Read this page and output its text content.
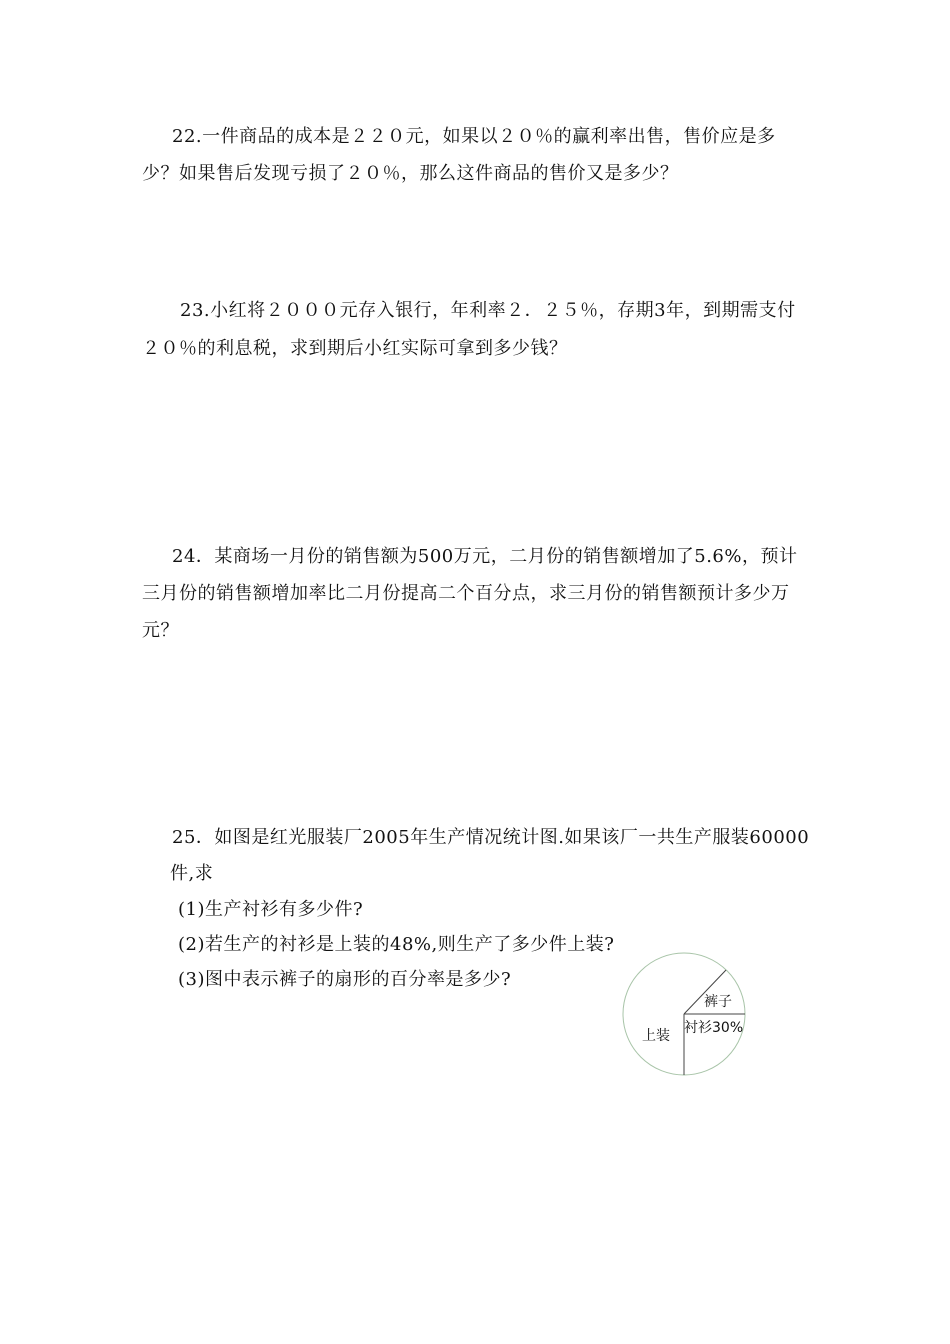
22.一件商品的成本是２２０元，如果以２０％的赢利率出售，售价应是多
少？如果售后发现亏损了２０％，那么这件商品的售价又是多少？
23.小红将２０００元存入银行，年利率２．２５％，存期3年，到期需支付
２０％的利息税，求到期后小红实际可拿到多少钱？
24．某商场一月份的销售额为500万元，二月份的销售额增加了5.6%，预计
三月份的销售额增加率比二月份提高二个百分点，求三月份的销售额预计多少万
元？
25．如图是红光服装厂2005年生产情况统计图.如果该厂一共生产服装60000
件,求
(1)生产衬衫有多少件?
(2)若生产的衬衫是上装的48%,则生产了多少件上装?
(3)图中表示裤子的扇形的百分率是多少?
裤子
衬衫30%
上装
